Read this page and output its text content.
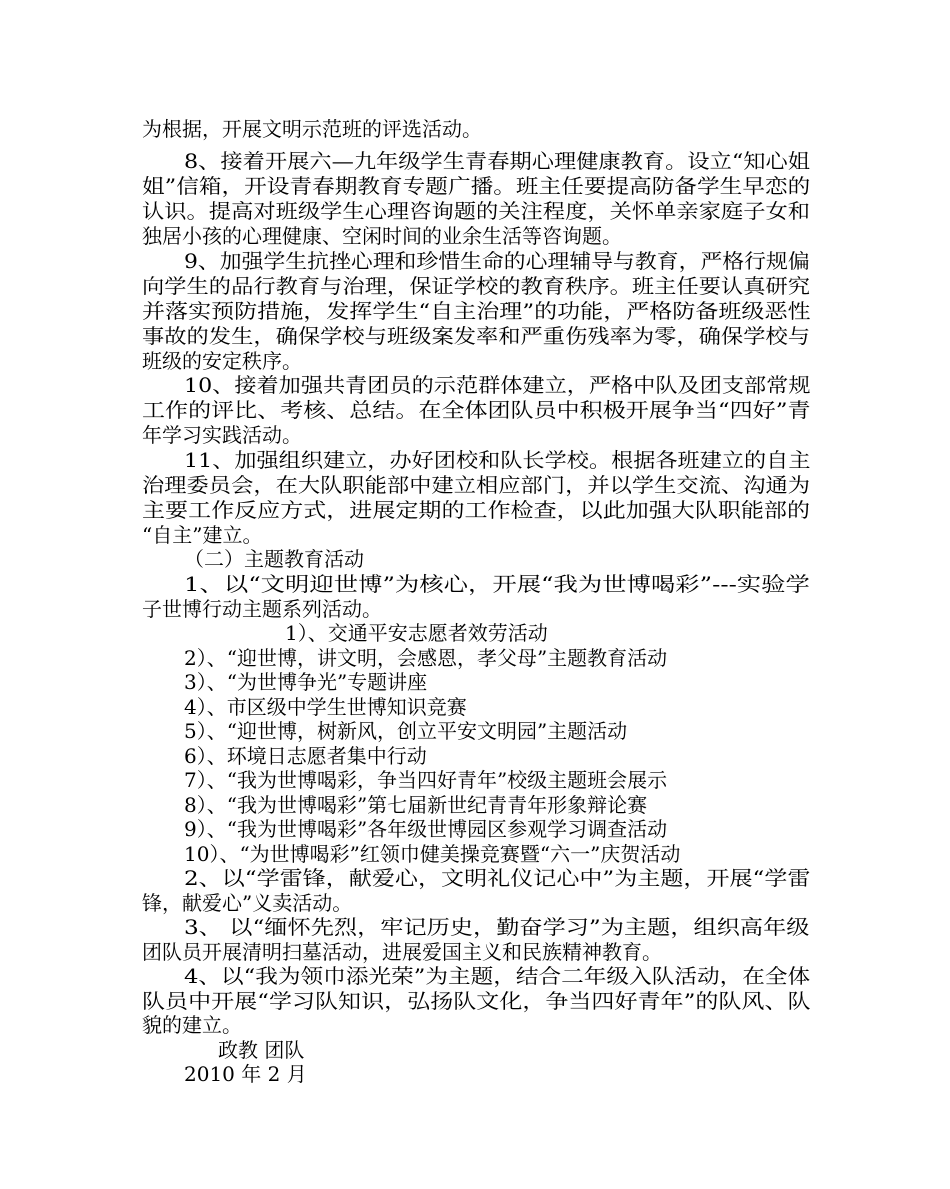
为根据，开展文明示范班的评选活动。
8、接着开展六—九年级学生青春期心理健康教育。设立“知心姐
姐”信箱，开设青春期教育专题广播。班主任要提高防备学生早恋的
认识。提高对班级学生心理咨询题的关注程度，关怀单亲家庭子女和
独居小孩的心理健康、空闲时间的业余生活等咨询题。
9、加强学生抗挫心理和珍惜生命的心理辅导与教育，严格行规偏
向学生的品行教育与治理，保证学校的教育秩序。班主任要认真研究
并落实预防措施，发挥学生“自主治理”的功能，严格防备班级恶性
事故的发生，确保学校与班级案发率和严重伤残率为零，确保学校与
班级的安定秩序。
10、接着加强共青团员的示范群体建立，严格中队及团支部常规
工作的评比、考核、总结。在全体团队员中积极开展争当“四好”青
年学习实践活动。
11、加强组织建立，办好团校和队长学校。根据各班建立的自主
治理委员会，在大队职能部中建立相应部门，并以学生交流、沟通为
主要工作反应方式，进展定期的工作检查，以此加强大队职能部的
“自主”建立。
（二）主题教育活动
1、以“文明迎世博”为核心，开展“我为世博喝彩”---实验学
子世博行动主题系列活动。
1）、交通平安志愿者效劳活动
2）、“迎世博，讲文明，会感恩，孝父母”主题教育活动
3）、“为世博争光”专题讲座
4）、市区级中学生世博知识竞赛
5）、“迎世博，树新风，创立平安文明园”主题活动
6）、环境日志愿者集中行动
7）、“我为世博喝彩，争当四好青年”校级主题班会展示
8）、“我为世博喝彩”第七届新世纪青青年形象辩论赛
9）、“我为世博喝彩”各年级世博园区参观学习调查活动
10）、“为世博喝彩”红领巾健美操竞赛暨“六一”庆贺活动
2、以“学雷锋，献爱心，文明礼仪记心中”为主题，开展“学雷
锋，献爱心”义卖活动。
3、 以“缅怀先烈，牢记历史，勤奋学习”为主题，组织高年级
团队员开展清明扫墓活动，进展爱国主义和民族精神教育。
4、以“我为领巾添光荣”为主题，结合二年级入队活动，在全体
队员中开展“学习队知识，弘扬队文化，争当四好青年”的队风、队
貌的建立。
政教 团队
2010 年 2 月
